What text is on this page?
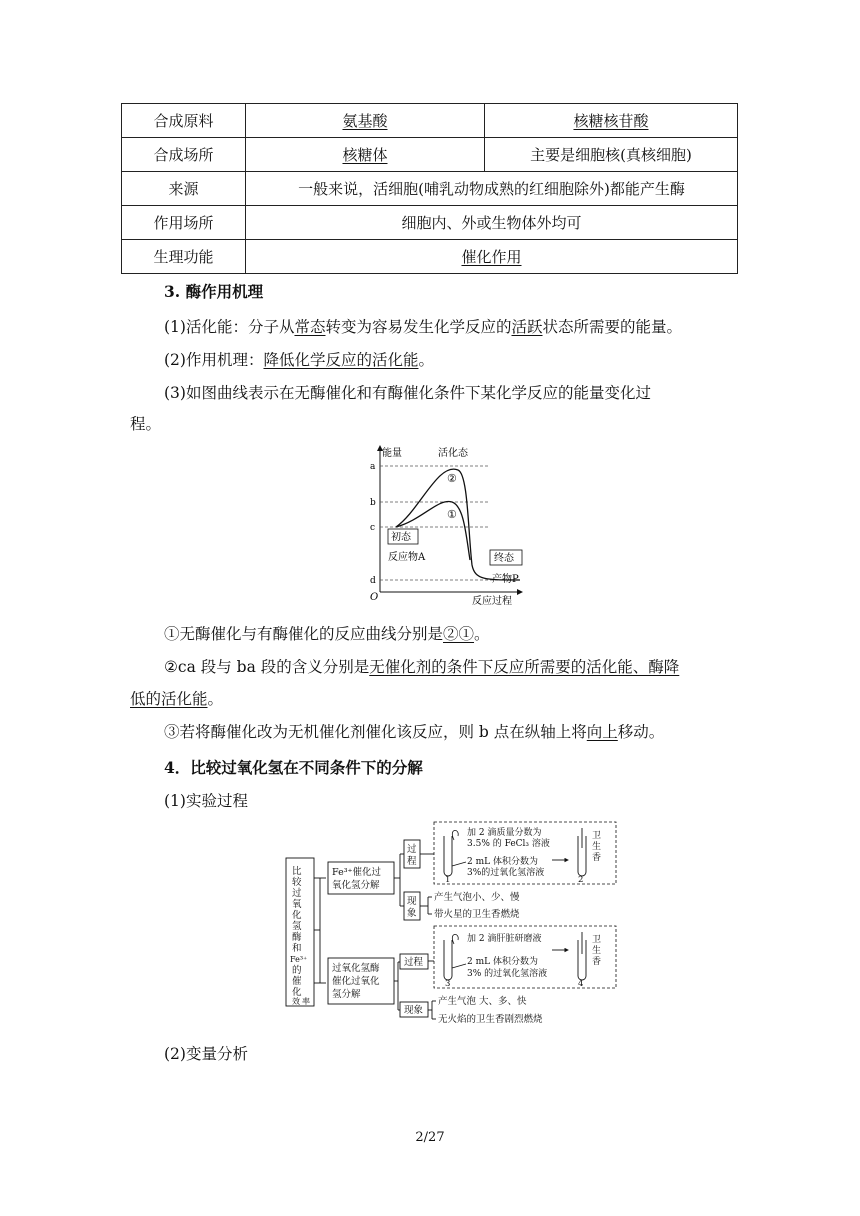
合成原料	氨基酸	核糖核苷酸
合成场所	核糖体	主要是细胞核(真核细胞)
来源	一般来说，活细胞(哺乳动物成熟的红细胞除外)都能产生酶	
作用场所	细胞内、外或生物体外均可	
生理功能	催化作用	
3. 酶作用机理
(1)活化能：分子从常态转变为容易发生化学反应的活跃状态所需要的能量。
(2)作用机理：降低化学反应的活化能。
(3)如图曲线表示在无酶催化和有酶催化条件下某化学反应的能量变化过
程。
能量
反应过程
O
a
b
c
d
活化态
②
①
初态
反应物A	终态
产物P
①无酶催化与有酶催化的反应曲线分别是②①。
②ca 段与 ba 段的含义分别是无催化剂的条件下反应所需要的活化能、酶降
低的活化能。
③若将酶催化改为无机催化剂催化该反应，则 b 点在纵轴上将向上移动。
4．比较过氧化氢在不同条件下的分解
(1)实验过程
比
较
过
氧
化
氢
酶
和
Fe³⁺
的
催
化
效 率
Fe³⁺催化过
氧化氢分解
过氧化氢酶
催化过氧化
氢分解
过
程
现
象
加 2 滴质量分数为
3.5% 的 FeCl₃ 溶液
2 mL 体积分数为
3%的过氧化氢溶液
1	2
卫
生
香
产生气泡小、少、慢
带火星的卫生香燃烧
过程
现象
加 2 滴肝脏研磨液
2 mL 体积分数为
3% 的过氧化氢溶液
3	4
卫
生
香
产生气泡 大、多、快
无火焰的卫生香剧烈燃烧
(2)变量分析
2/27
